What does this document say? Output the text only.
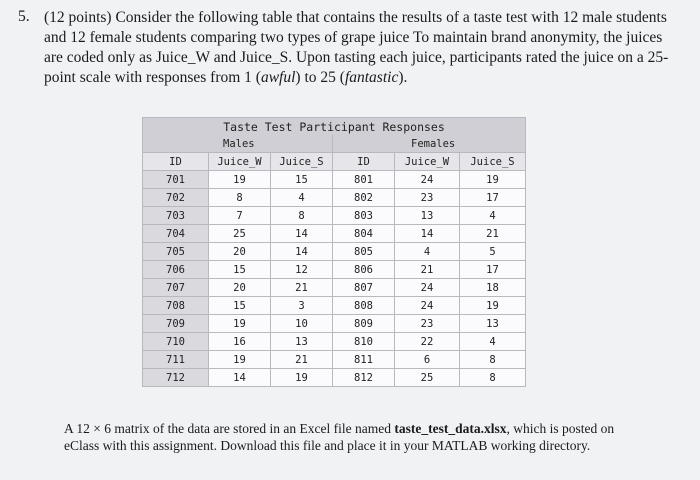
5. (12 points) Consider the following table that contains the results of a taste test with 12 male students
and 12 female students comparing two types of grape juice To maintain brand anonymity, the juices
are coded only as Juice_W and Juice_S. Upon tasting each juice, participants rated the juice on a 25-
point scale with responses from 1 (awful) to 25 (fantastic).
Taste Test Participant Responses					
Males			Females		
ID	Juice_W	Juice_S	ID	Juice_W	Juice_S
701	19	15	801	24	19
702	8	4	802	23	17
703	7	8	803	13	4
704	25	14	804	14	21
705	20	14	805	4	5
706	15	12	806	21	17
707	20	21	807	24	18
708	15	3	808	24	19
709	19	10	809	23	13
710	16	13	810	22	4
711	19	21	811	6	8
712	14	19	812	25	8
A 12 × 6 matrix of the data are stored in an Excel file named taste_test_data.xlsx, which is posted on
eClass with this assignment. Download this file and place it in your MATLAB working directory.
